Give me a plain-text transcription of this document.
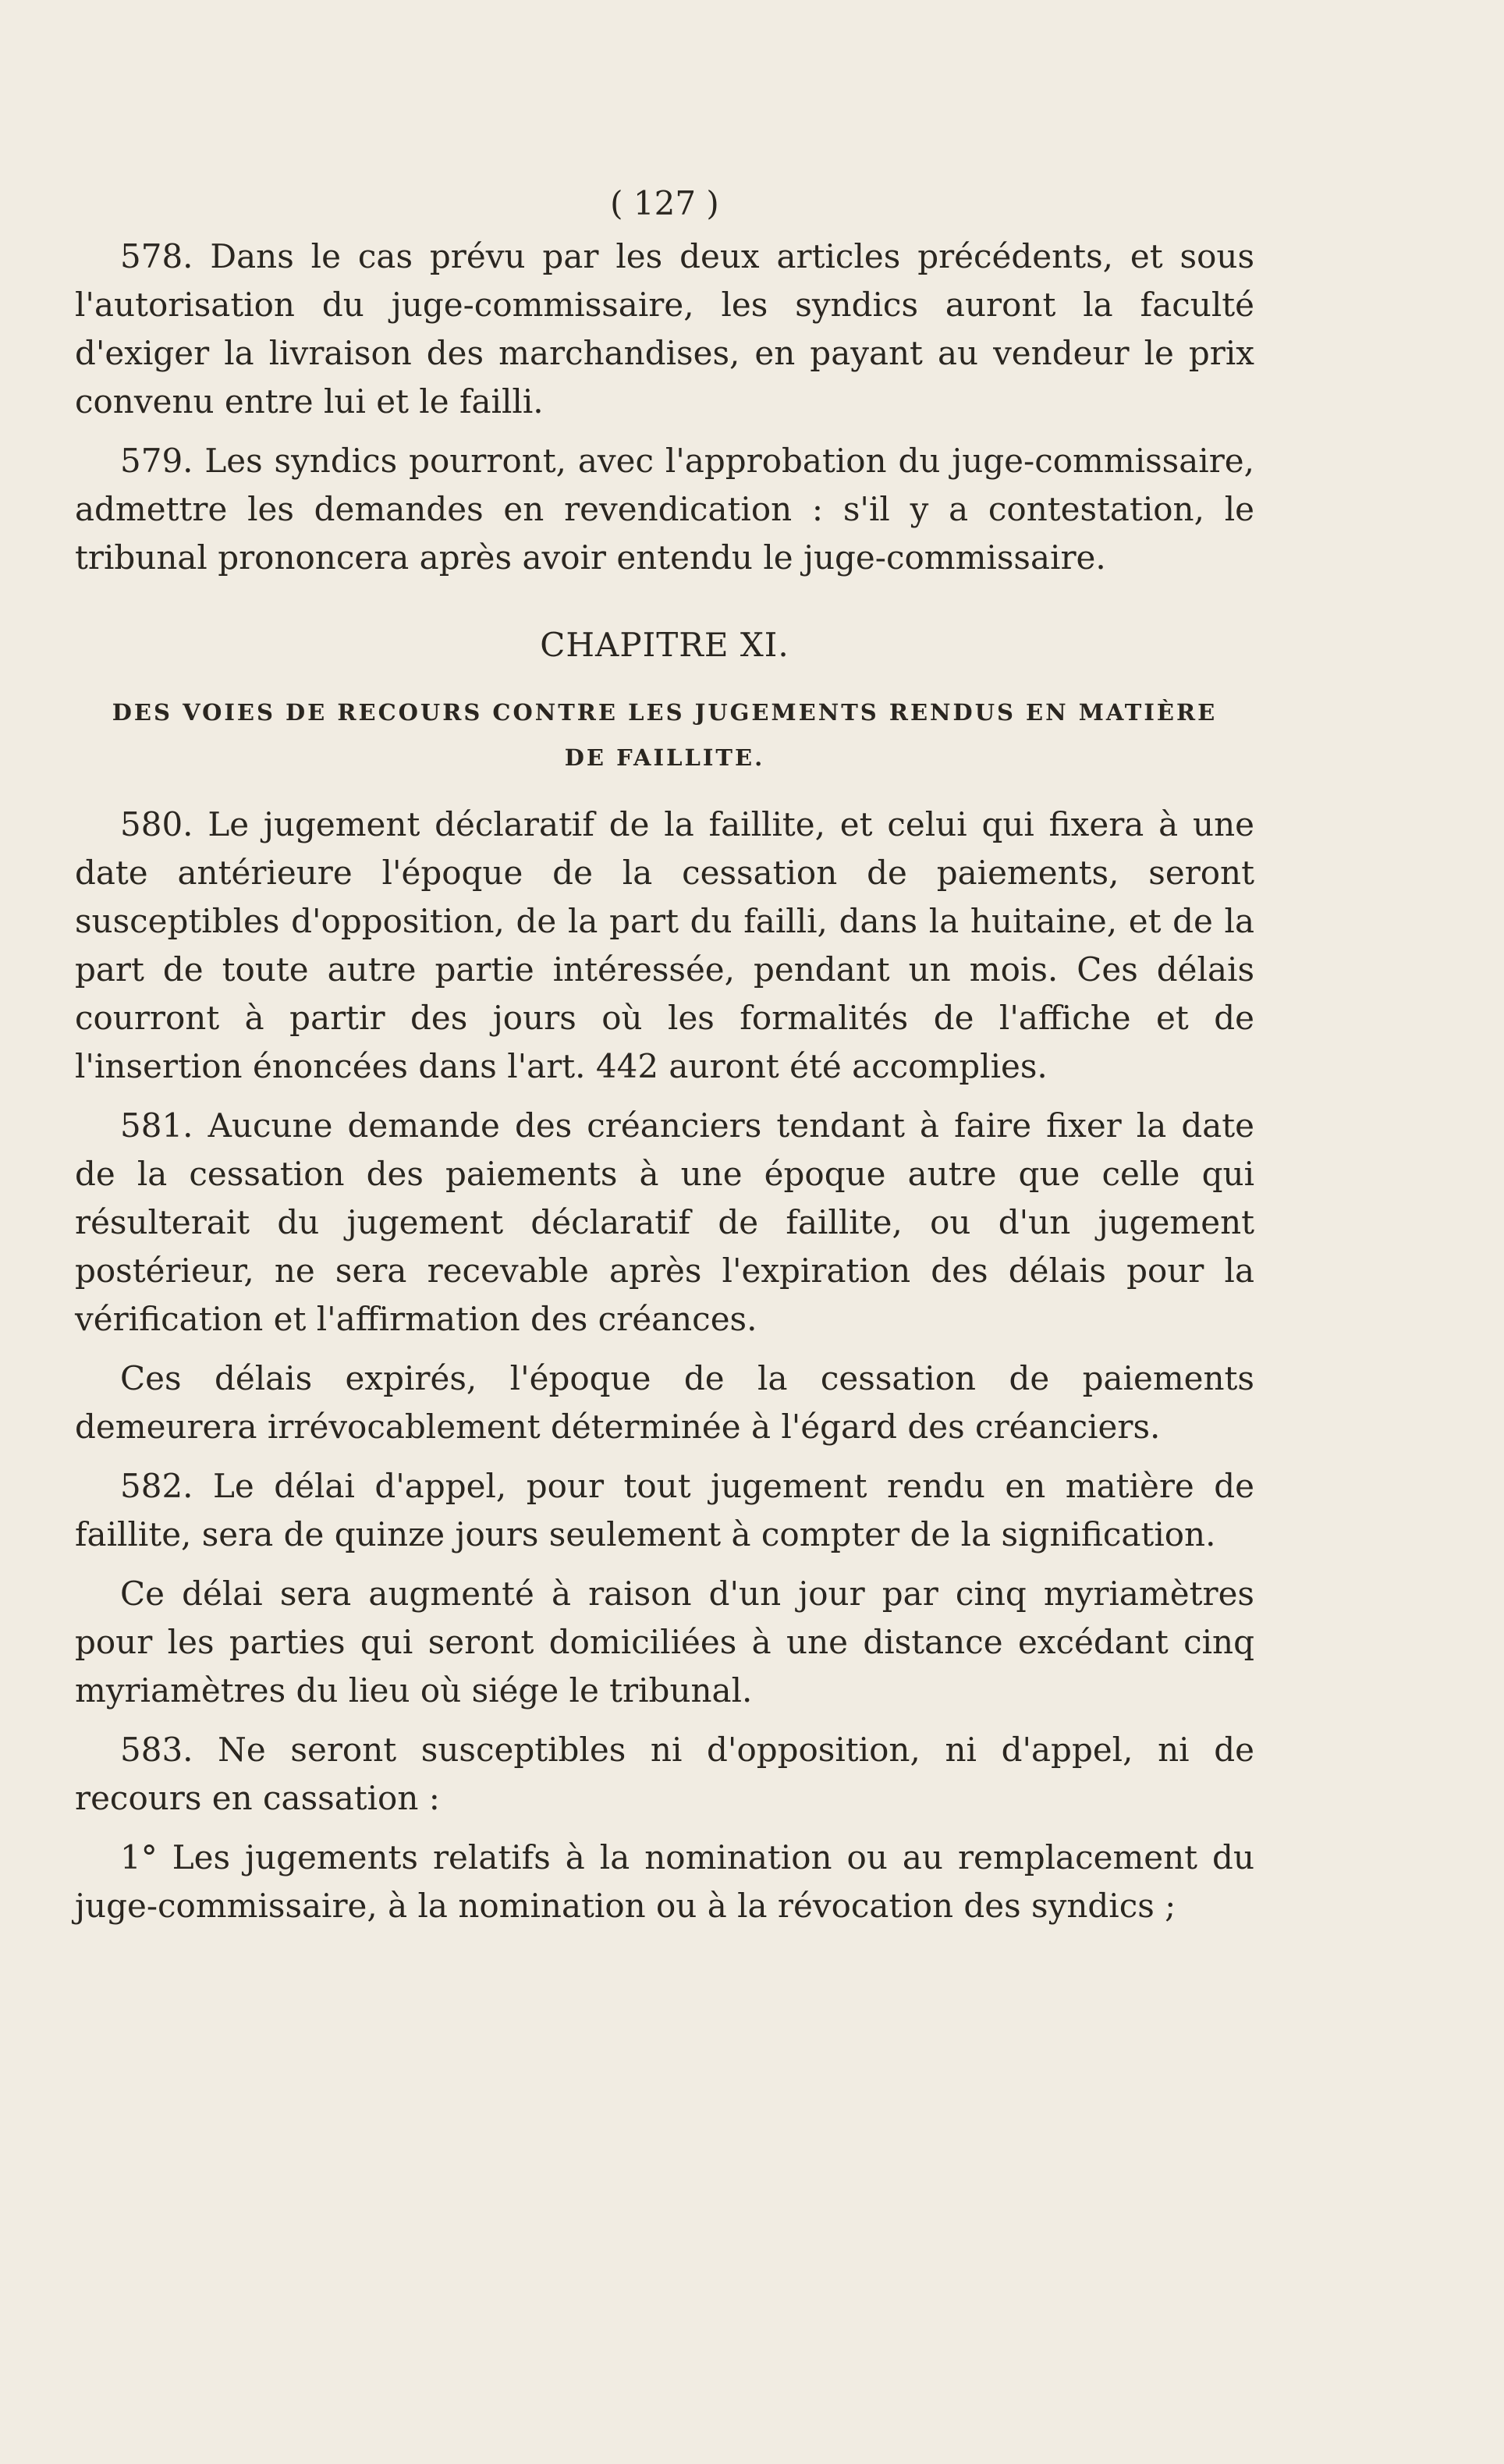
( 127 )

578. Dans le cas prévu par les deux articles précédents, et sous l'autorisation du juge-commissaire, les syndics auront la faculté d'exiger la livraison des marchandises, en payant au vendeur le prix convenu entre lui et le failli.

579. Les syndics pourront, avec l'approbation du juge-commissaire, admettre les demandes en revendication : s'il y a contestation, le tribunal prononcera après avoir entendu le juge-commissaire.

CHAPITRE XI.
DES VOIES DE RECOURS CONTRE LES JUGEMENTS RENDUS EN MATIÈRE DE FAILLITE.

580. Le jugement déclaratif de la faillite, et celui qui fixera à une date antérieure l'époque de la cessation de paiements, seront susceptibles d'opposition, de la part du failli, dans la huitaine, et de la part de toute autre partie intéressée, pendant un mois. Ces délais courront à partir des jours où les formalités de l'affiche et de l'insertion énoncées dans l'art. 442 auront été accomplies.

581. Aucune demande des créanciers tendant à faire fixer la date de la cessation des paiements à une époque autre que celle qui résulterait du jugement déclaratif de faillite, ou d'un jugement postérieur, ne sera recevable après l'expiration des délais pour la vérification et l'affirmation des créances.

Ces délais expirés, l'époque de la cessation de paiements demeurera irrévocablement déterminée à l'égard des créanciers.

582. Le délai d'appel, pour tout jugement rendu en matière de faillite, sera de quinze jours seulement à compter de la signification.

Ce délai sera augmenté à raison d'un jour par cinq myriamètres pour les parties qui seront domiciliées à une distance excédant cinq myriamètres du lieu où siége le tribunal.

583. Ne seront susceptibles ni d'opposition, ni d'appel, ni de recours en cassation :

1° Les jugements relatifs à la nomination ou au remplacement du juge-commissaire, à la nomination ou à la révocation des syndics ;
